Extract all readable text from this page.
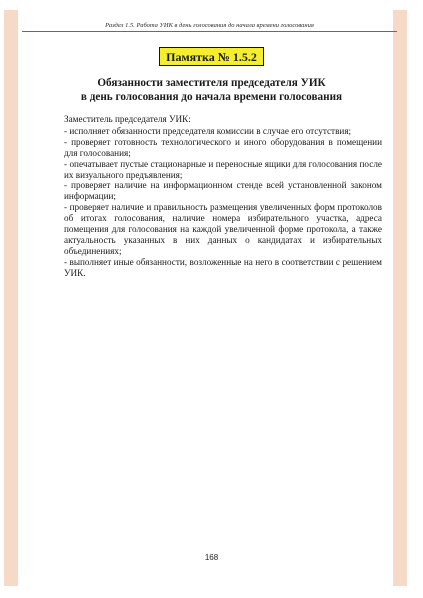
Раздел 1.5. Работа УИК в день голосования до начала времени голосования
Памятка № 1.5.2
Обязанности заместителя председателя УИК
в день голосования до начала времени голосования

Заместитель председателя УИК:

- исполняет обязанности председателя комиссии в случае его отсутствия;

- проверяет готовность технологического и иного оборудования в помещении для голосования;

- опечатывает пустые стационарные и переносные ящики для голосования после их визуального предъявления;

- проверяет наличие на информационном стенде всей установленной законом информации;

- проверяет наличие и правильность размещения увеличенных форм протоколов об итогах голосования, наличие номера избирательного участка, адреса помещения для голосования на каждой увеличенной форме протокола, а также актуальность указанных в них данных о кандидатах и избирательных объединениях;

- выполняет иные обязанности, возложенные на него в соответствии с решением УИК.

168
